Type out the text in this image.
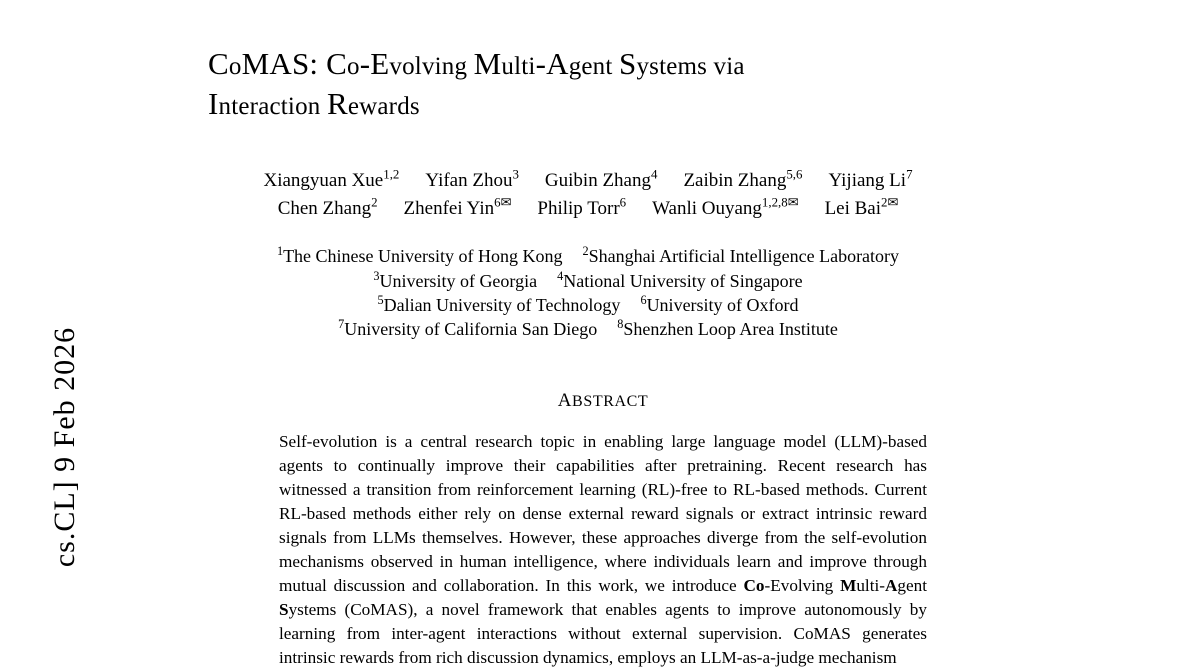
cs.CL] 9 Feb 2026
CoMAS: Co-Evolving Multi-Agent Systems via
Interaction Rewards
Xiangyuan Xue$^{1,2}$ Yifan Zhou$^3$ Guibin Zhang$^4$ Zaibin Zhang$^{5,6}$ Yijiang Li$^7$
Chen Zhang$^2$ Zhenfei Yin$^{6✉}$ Philip Torr$^6$ Wanli Ouyang$^{1,2,8✉}$ Lei Bai$^{2✉}$
$^1$The Chinese University of Hong Kong $^2$Shanghai Artificial Intelligence Laboratory
$^3$University of Georgia $^4$National University of Singapore
$^5$Dalian University of Technology $^6$University of Oxford
$^7$University of California San Diego $^8$Shenzhen Loop Area Institute
ABSTRACT
Self-evolution is a central research topic in enabling large language model (LLM)-based agents to continually improve their capabilities after pretraining. Recent research has witnessed a transition from reinforcement learning (RL)-free to RL-based methods. Current RL-based methods either rely on dense external reward signals or extract intrinsic reward signals from LLMs themselves. However, these approaches diverge from the self-evolution mechanisms observed in human intelligence, where individuals learn and improve through mutual discussion and collaboration. In this work, we introduce Co-Evolving Multi-Agent Systems (CoMAS), a novel framework that enables agents to improve autonomously by learning from inter-agent interactions without external supervision. CoMAS generates intrinsic rewards from rich discussion dynamics, employs an LLM-as-a-judge mechanism
